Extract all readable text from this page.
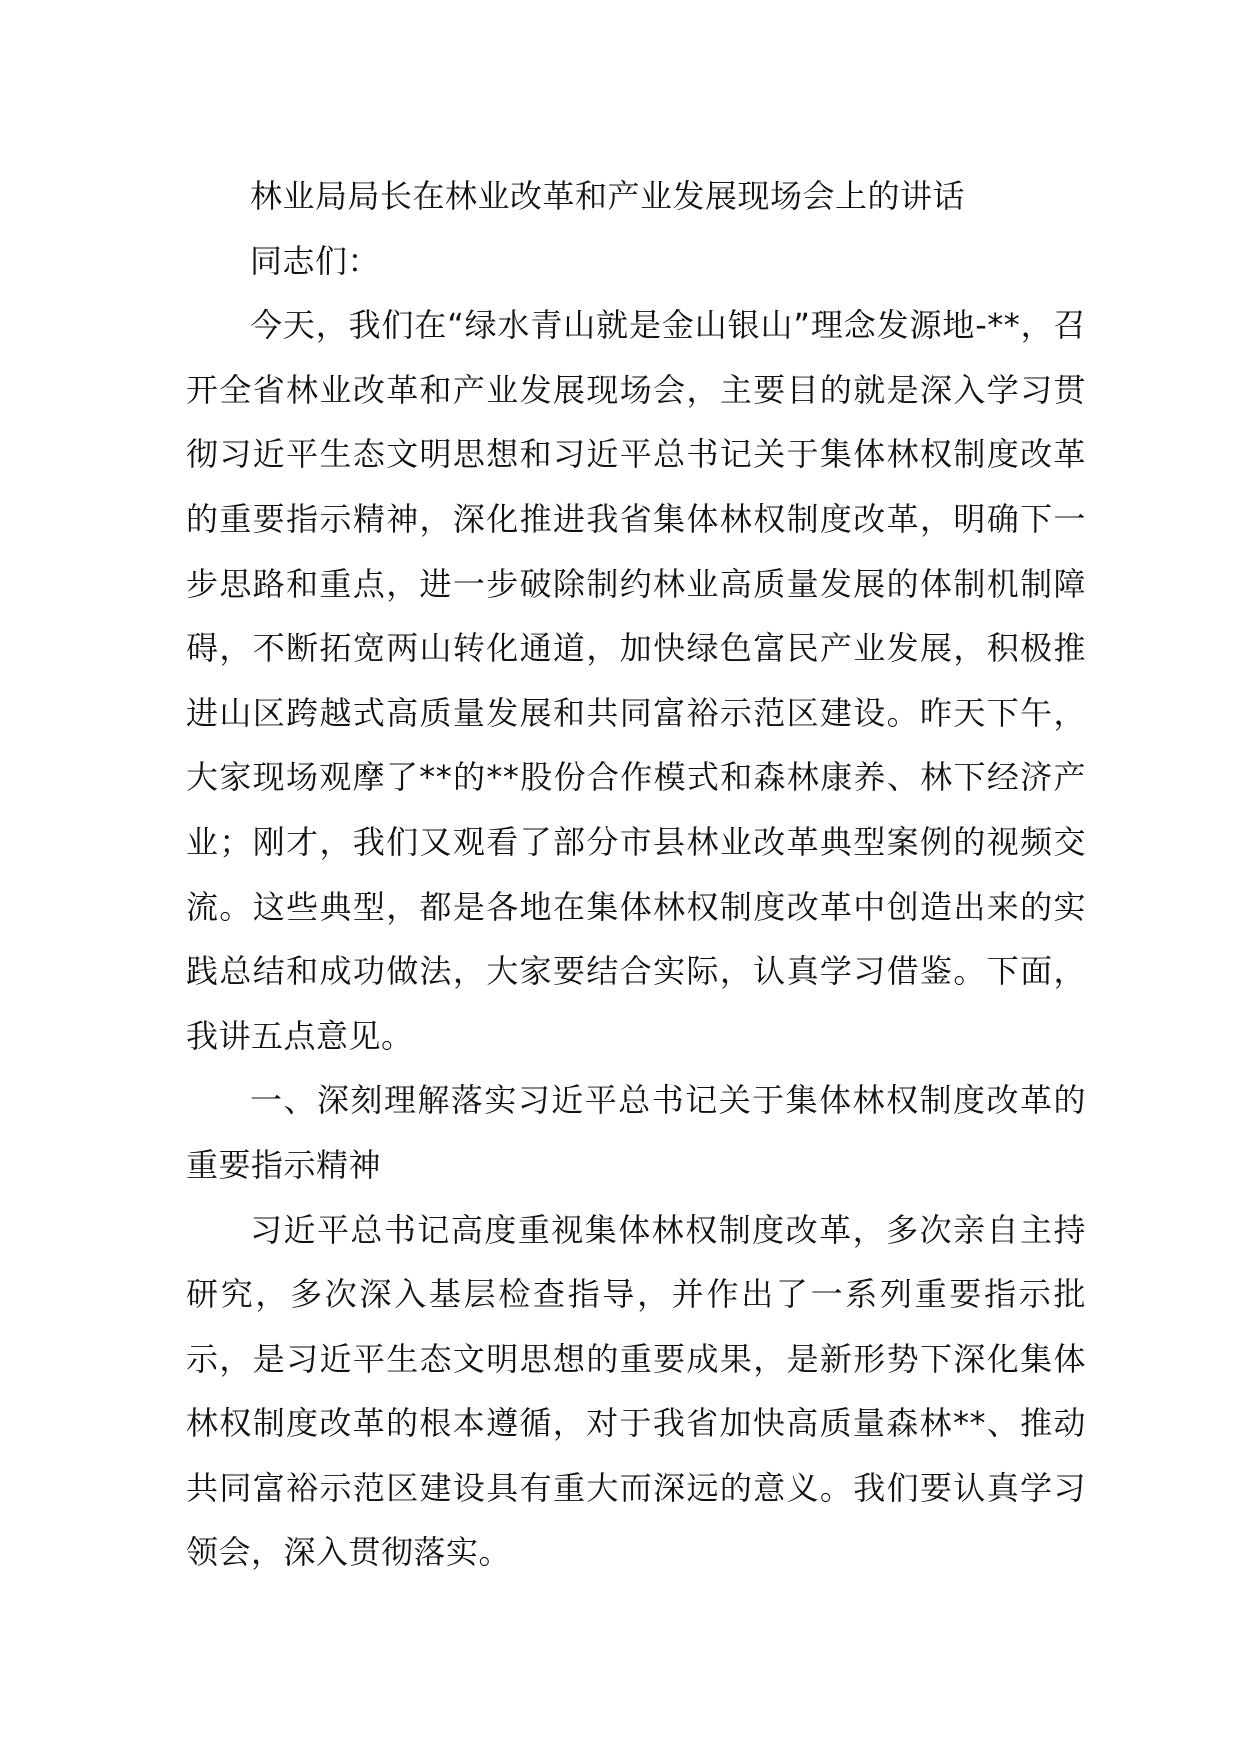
林业局局长在林业改革和产业发展现场会上的讲话

同志们：

今天，我们在“绿水青山就是金山银山”理念发源地-**，召开全省林业改革和产业发展现场会，主要目的就是深入学习贯彻习近平生态文明思想和习近平总书记关于集体林权制度改革的重要指示精神，深化推进我省集体林权制度改革，明确下一步思路和重点，进一步破除制约林业高质量发展的体制机制障碍，不断拓宽两山转化通道，加快绿色富民产业发展，积极推进山区跨越式高质量发展和共同富裕示范区建设。昨天下午，大家现场观摩了**的**股份合作模式和森林康养、林下经济产业；刚才，我们又观看了部分市县林业改革典型案例的视频交流。这些典型，都是各地在集体林权制度改革中创造出来的实践总结和成功做法，大家要结合实际，认真学习借鉴。下面，我讲五点意见。

一、深刻理解落实习近平总书记关于集体林权制度改革的重要指示精神

习近平总书记高度重视集体林权制度改革，多次亲自主持研究，多次深入基层检查指导，并作出了一系列重要指示批示，是习近平生态文明思想的重要成果，是新形势下深化集体林权制度改革的根本遵循，对于我省加快高质量森林**、推动共同富裕示范区建设具有重大而深远的意义。我们要认真学习领会，深入贯彻落实。
